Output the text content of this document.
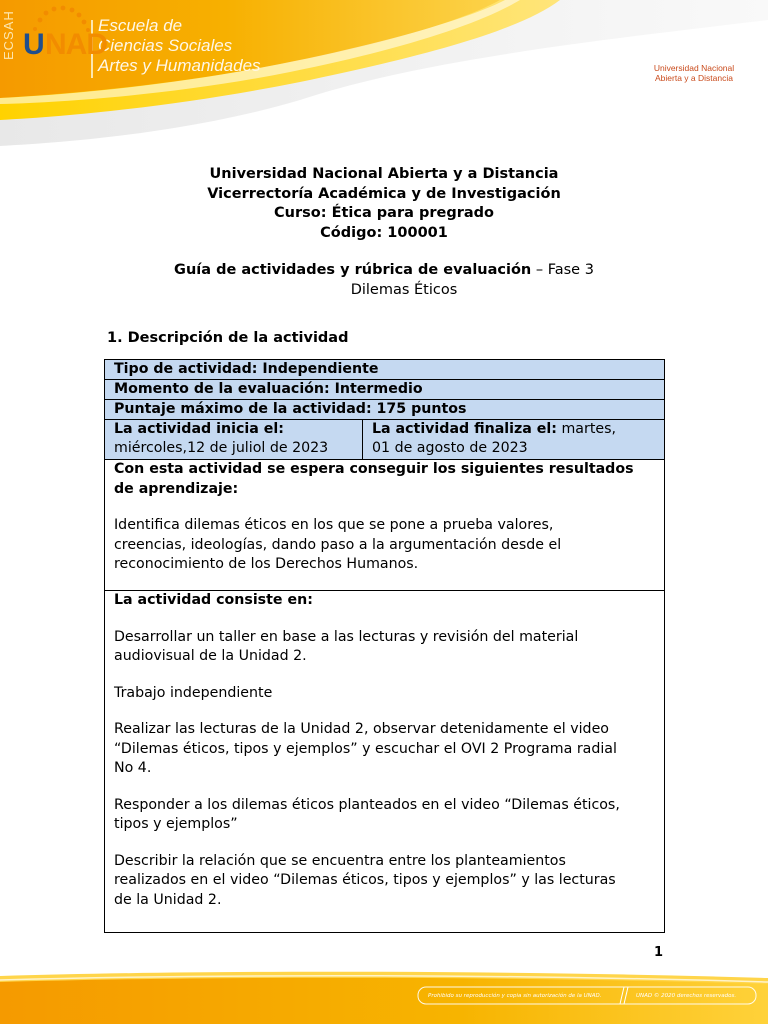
ECSAH	Escuela de
Ciencias Sociales
Artes y Humanidades
U NAD
Universidad Nacional
Abierta y a Distancia
Universidad Nacional Abierta y a Distancia
Vicerrectoría Académica y de Investigación
Curso: Ética para pregrado
Código: 100001
Guía de actividades y rúbrica de evaluación – Fase 3
Dilemas Éticos
1. Descripción de la actividad
Tipo de actividad: Independiente
Momento de la evaluación: Intermedio
Puntaje máximo de la actividad: 175 puntos
La actividad inicia el:
miércoles,12 de juliol de 2023
La actividad finaliza el: martes,
01 de agosto de 2023
Con esta actividad se espera conseguir los siguientes resultados
de aprendizaje:
Identifica dilemas éticos en los que se pone a prueba valores,
creencias, ideologías, dando paso a la argumentación desde el
reconocimiento de los Derechos Humanos.
La actividad consiste en:
Desarrollar un taller en base a las lecturas y revisión del material
audiovisual de la Unidad 2.
Trabajo independiente
Realizar las lecturas de la Unidad 2, observar detenidamente el video
“Dilemas éticos, tipos y ejemplos” y escuchar el OVI 2 Programa radial
No 4.
Responder a los dilemas éticos planteados en el video “Dilemas éticos,
tipos y ejemplos”
Describir la relación que se encuentra entre los planteamientos
realizados en el video “Dilemas éticos, tipos y ejemplos” y las lecturas
de la Unidad 2.
1
Prohibido su reproducción y copia sin autorización de la UNAD.	UNAD © 2020 derechos reservados.
